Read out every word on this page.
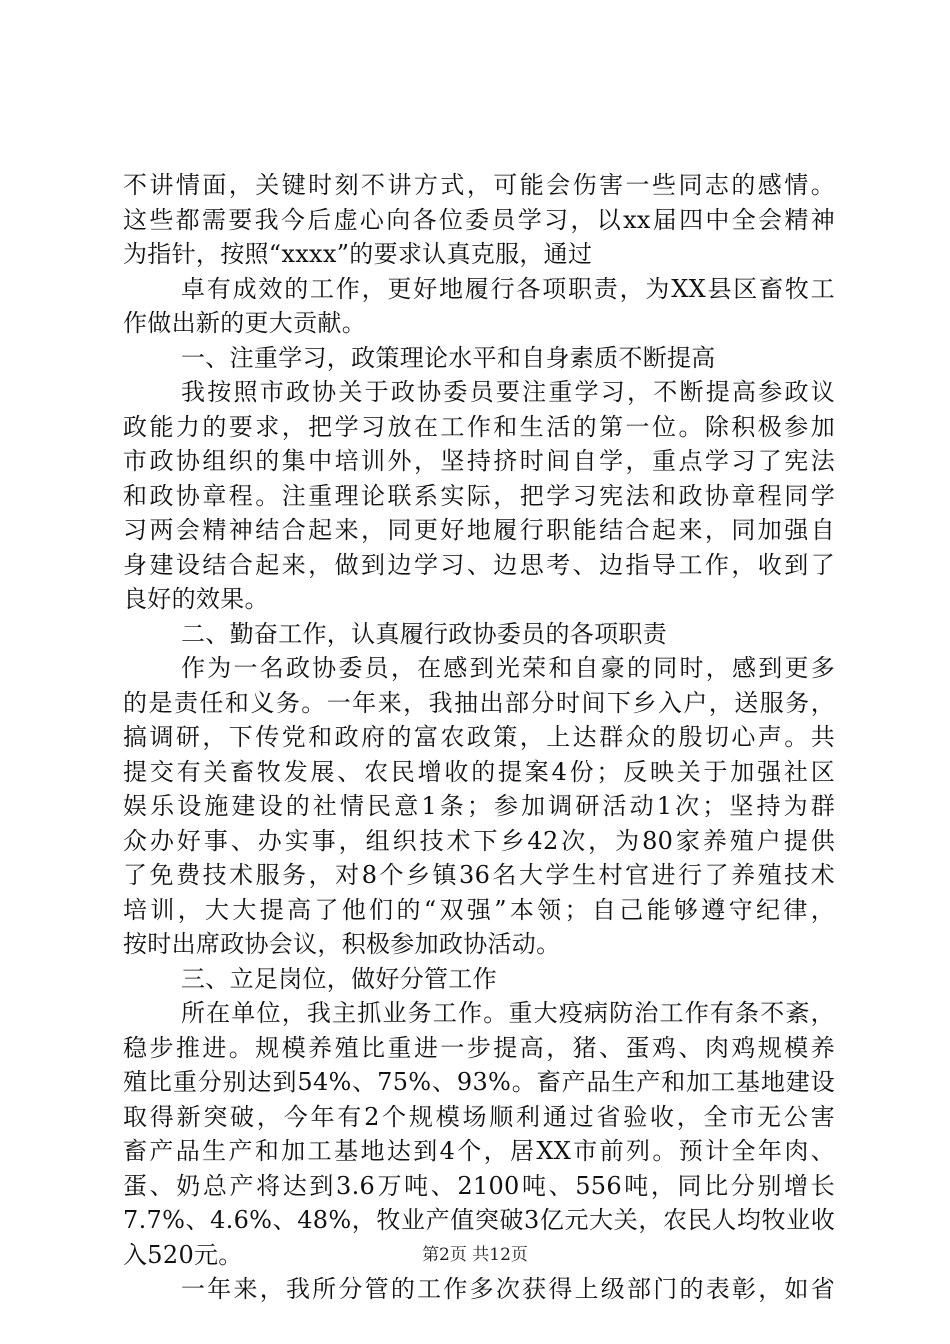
不讲情面，关键时刻不讲方式，可能会伤害一些同志的感情。
这些都需要我今后虚心向各位委员学习，以xx届四中全会精神
为指针，按照“xxxx”的要求认真克服，通过
卓有成效的工作，更好地履行各项职责，为XX县区畜牧工
作做出新的更大贡献。
一、注重学习，政策理论水平和自身素质不断提高
我按照市政协关于政协委员要注重学习，不断提高参政议
政能力的要求，把学习放在工作和生活的第一位。除积极参加
市政协组织的集中培训外，坚持挤时间自学，重点学习了宪法
和政协章程。注重理论联系实际，把学习宪法和政协章程同学
习两会精神结合起来，同更好地履行职能结合起来，同加强自
身建设结合起来，做到边学习、边思考、边指导工作，收到了
良好的效果。
二、勤奋工作，认真履行政协委员的各项职责
作为一名政协委员，在感到光荣和自豪的同时，感到更多
的是责任和义务。一年来，我抽出部分时间下乡入户，送服务，
搞调研，下传党和政府的富农政策，上达群众的殷切心声。共
提交有关畜牧发展、农民增收的提案4份；反映关于加强社区
娱乐设施建设的社情民意1条；参加调研活动1次；坚持为群
众办好事、办实事，组织技术下乡42次，为80家养殖户提供
了免费技术服务，对8个乡镇36名大学生村官进行了养殖技术
培训，大大提高了他们的“双强”本领；自己能够遵守纪律，
按时出席政协会议，积极参加政协活动。
三、立足岗位，做好分管工作
所在单位，我主抓业务工作。重大疫病防治工作有条不紊，
稳步推进。规模养殖比重进一步提高，猪、蛋鸡、肉鸡规模养
殖比重分别达到54%、75%、93%。畜产品生产和加工基地建设
取得新突破，今年有2个规模场顺利通过省验收，全市无公害
畜产品生产和加工基地达到4个，居XX市前列。预计全年肉、
蛋、奶总产将达到3.6万吨、2100吨、556吨，同比分别增长
7.7%、4.6%、48%，牧业产值突破3亿元大关，农民人均牧业收
入520元。
一年来，我所分管的工作多次获得上级部门的表彰，如省
第2页 共12页
